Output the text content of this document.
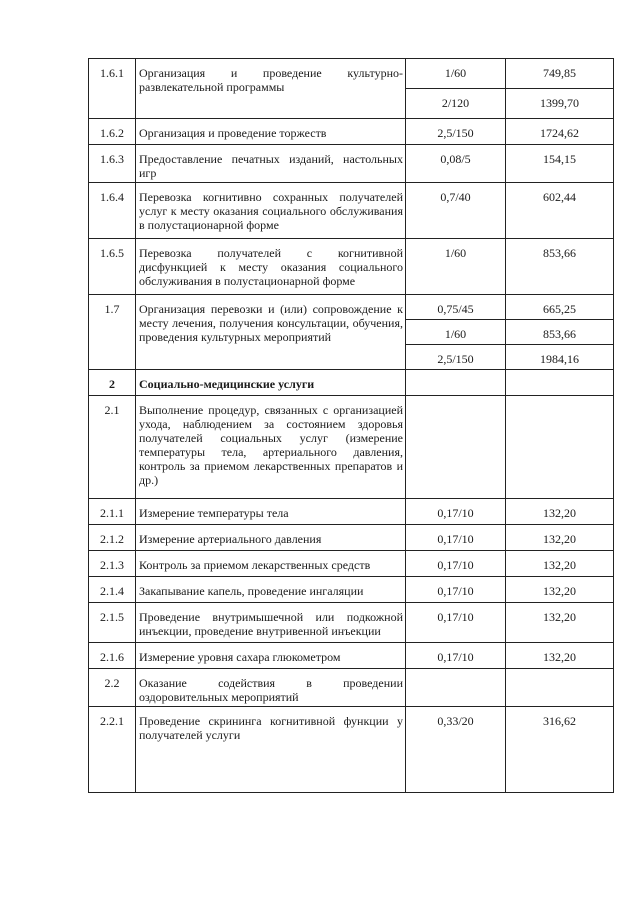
1.6.1	Организация и проведение культурно-развлекательной программы	1/60	749,85
		2/120	1399,70
1.6.2	Организация и проведение торжеств	2,5/150	1724,62
1.6.3	Предоставление печатных изданий, настольных игр	0,08/5	154,15
1.6.4	Перевозка когнитивно сохранных получателей услуг к месту оказания социального обслуживания в полустационарной форме	0,7/40	602,44
1.6.5	Перевозка получателей с когнитивной дисфункцией к месту оказания социального обслуживания в полустационарной форме	1/60	853,66
1.7	Организация перевозки и (или) сопровождение к месту лечения, получения консультации, обучения, проведения культурных мероприятий	0,75/45	665,25
		1/60	853,66
		2,5/150	1984,16
2	Социально-медицинские услуги		
2.1	Выполнение процедур, связанных с организацией ухода, наблюдением за состоянием здоровья получателей социальных услуг (измерение температуры тела, артериального давления, контроль за приемом лекарственных препаратов и др.)		
2.1.1	Измерение температуры тела	0,17/10	132,20
2.1.2	Измерение артериального давления	0,17/10	132,20
2.1.3	Контроль за приемом лекарственных средств	0,17/10	132,20
2.1.4	Закапывание капель, проведение ингаляции	0,17/10	132,20
2.1.5	Проведение внутримышечной или подкожной инъекции, проведение внутривенной инъекции	0,17/10	132,20
2.1.6	Измерение уровня сахара глюкометром	0,17/10	132,20
2.2	Оказание содействия в проведении оздоровительных мероприятий		
2.2.1	Проведение скрининга когнитивной функции у получателей услуги	0,33/20	316,62
